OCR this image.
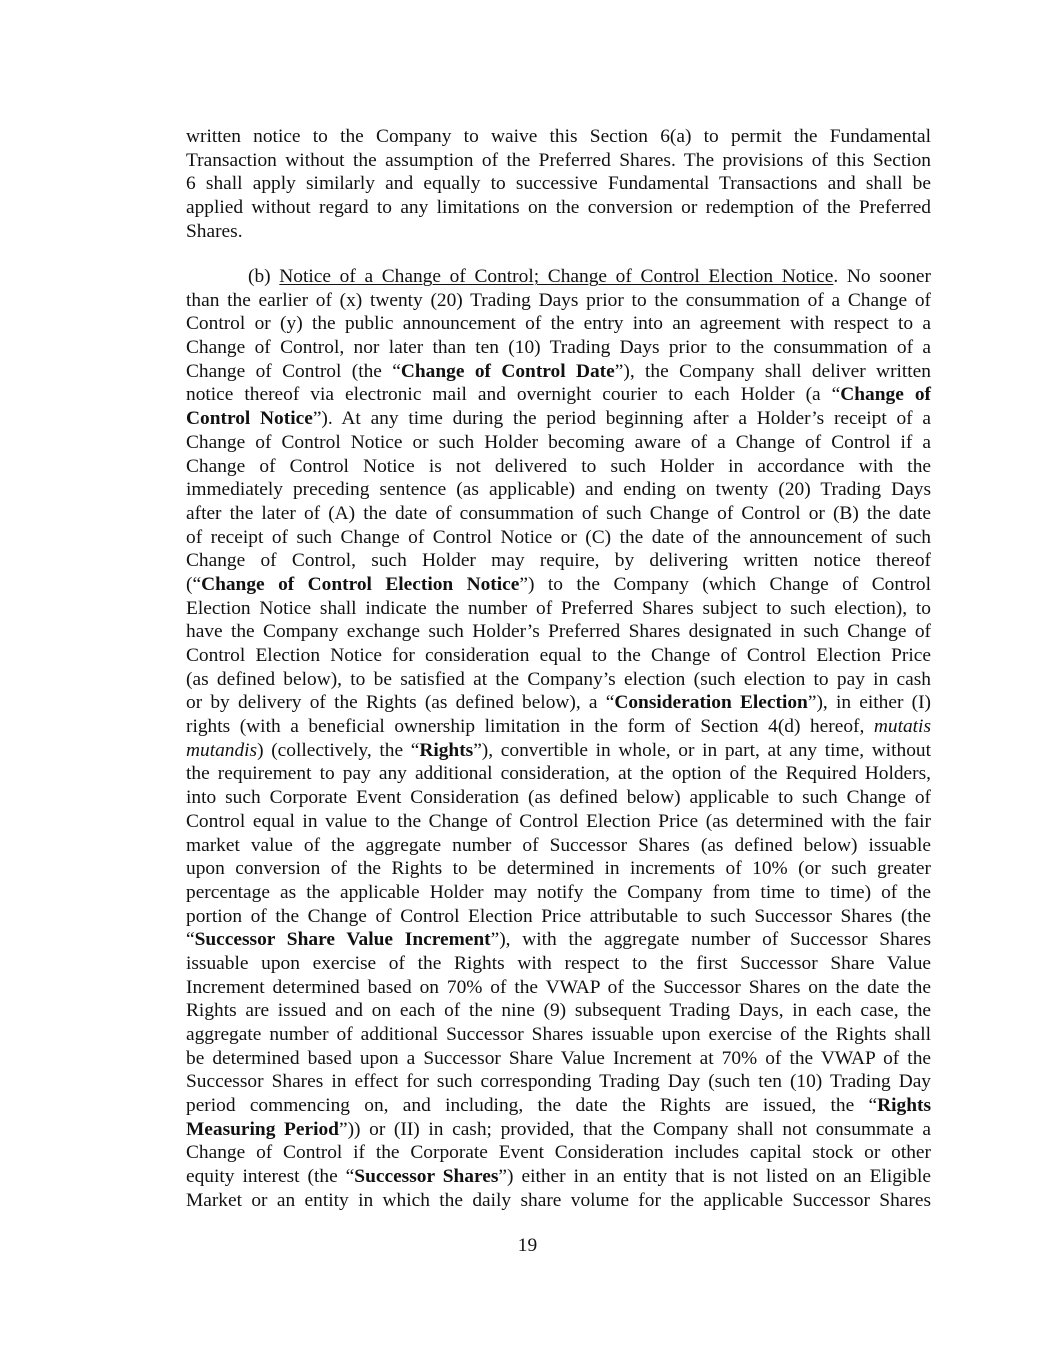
written notice to the Company to waive this Section 6(a) to permit the Fundamental
Transaction without the assumption of the Preferred Shares. The provisions of this Section
6 shall apply similarly and equally to successive Fundamental Transactions and shall be
applied without regard to any limitations on the conversion or redemption of the Preferred
Shares.
(b) Notice of a Change of Control; Change of Control Election Notice. No sooner
than the earlier of (x) twenty (20) Trading Days prior to the consummation of a Change of
Control or (y) the public announcement of the entry into an agreement with respect to a
Change of Control, nor later than ten (10) Trading Days prior to the consummation of a
Change of Control (the “Change of Control Date”), the Company shall deliver written
notice thereof via electronic mail and overnight courier to each Holder (a “Change of
Control Notice”). At any time during the period beginning after a Holder’s receipt of a
Change of Control Notice or such Holder becoming aware of a Change of Control if a
Change of Control Notice is not delivered to such Holder in accordance with the
immediately preceding sentence (as applicable) and ending on twenty (20) Trading Days
after the later of (A) the date of consummation of such Change of Control or (B) the date
of receipt of such Change of Control Notice or (C) the date of the announcement of such
Change of Control, such Holder may require, by delivering written notice thereof
(“Change of Control Election Notice”) to the Company (which Change of Control
Election Notice shall indicate the number of Preferred Shares subject to such election), to
have the Company exchange such Holder’s Preferred Shares designated in such Change of
Control Election Notice for consideration equal to the Change of Control Election Price
(as defined below), to be satisfied at the Company’s election (such election to pay in cash
or by delivery of the Rights (as defined below), a “Consideration Election”), in either (I)
rights (with a beneficial ownership limitation in the form of Section 4(d) hereof, mutatis
mutandis) (collectively, the “Rights”), convertible in whole, or in part, at any time, without
the requirement to pay any additional consideration, at the option of the Required Holders,
into such Corporate Event Consideration (as defined below) applicable to such Change of
Control equal in value to the Change of Control Election Price (as determined with the fair
market value of the aggregate number of Successor Shares (as defined below) issuable
upon conversion of the Rights to be determined in increments of 10% (or such greater
percentage as the applicable Holder may notify the Company from time to time) of the
portion of the Change of Control Election Price attributable to such Successor Shares (the
“Successor Share Value Increment”), with the aggregate number of Successor Shares
issuable upon exercise of the Rights with respect to the first Successor Share Value
Increment determined based on 70% of the VWAP of the Successor Shares on the date the
Rights are issued and on each of the nine (9) subsequent Trading Days, in each case, the
aggregate number of additional Successor Shares issuable upon exercise of the Rights shall
be determined based upon a Successor Share Value Increment at 70% of the VWAP of the
Successor Shares in effect for such corresponding Trading Day (such ten (10) Trading Day
period commencing on, and including, the date the Rights are issued, the “Rights
Measuring Period”)) or (II) in cash; provided, that the Company shall not consummate a
Change of Control if the Corporate Event Consideration includes capital stock or other
equity interest (the “Successor Shares”) either in an entity that is not listed on an Eligible
Market or an entity in which the daily share volume for the applicable Successor Shares
19
